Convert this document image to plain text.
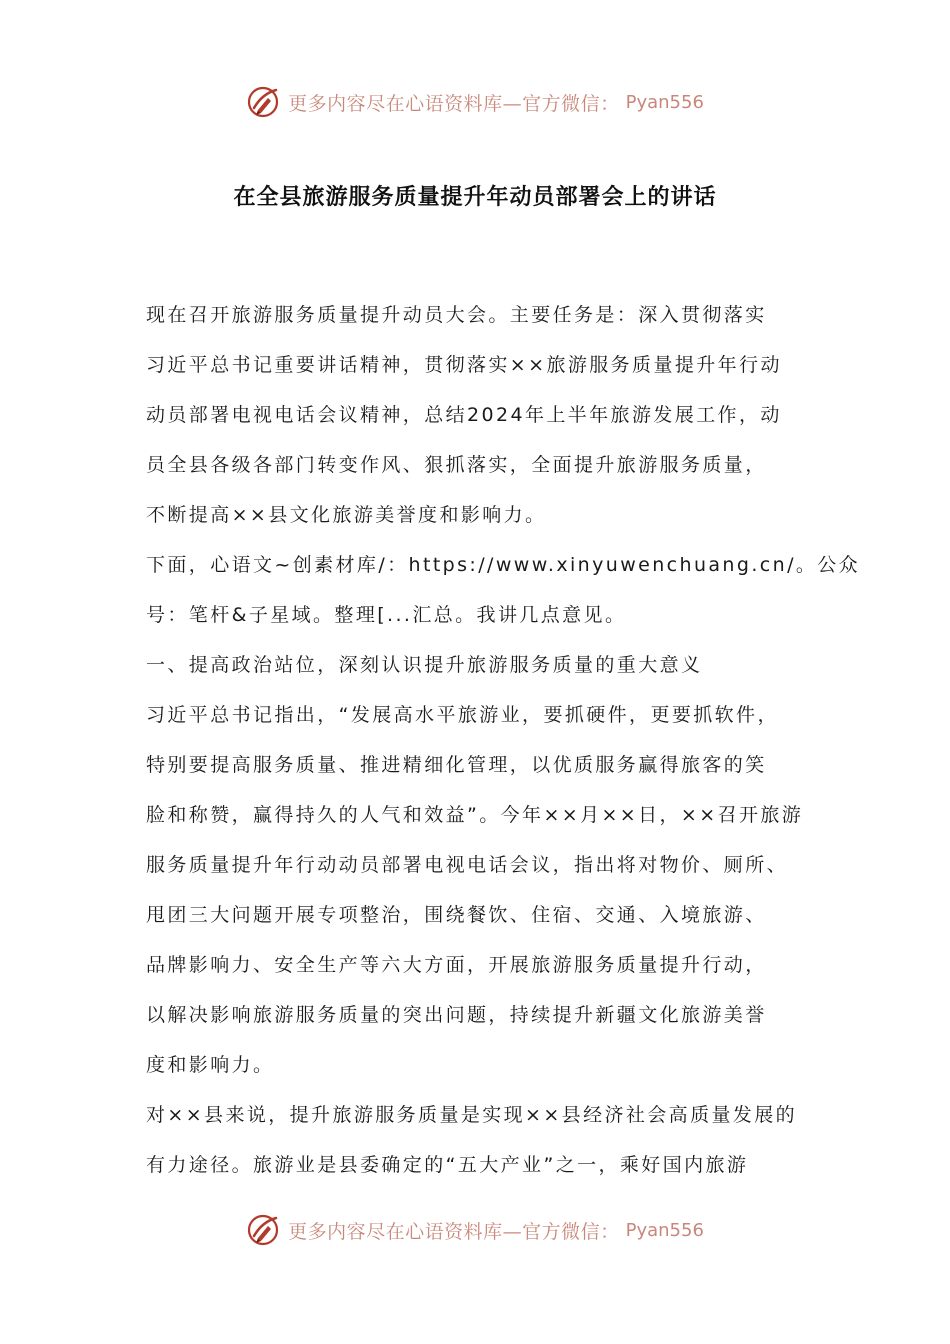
更多内容尽在心语资料库—官方微信： Pyan556
在全县旅游服务质量提升年动员部署会上的讲话
现在召开旅游服务质量提升动员大会。主要任务是：深入贯彻落实
习近平总书记重要讲话精神，贯彻落实××旅游服务质量提升年行动
动员部署电视电话会议精神，总结2024年上半年旅游发展工作，动
员全县各级各部门转变作风、狠抓落实，全面提升旅游服务质量，
不断提高××县文化旅游美誉度和影响力。
下面，心语文~创素材库/：https://www.xinyuwenchuang.cn/。公众
号：笔杆&子星域。整理[...汇总。我讲几点意见。
一、提高政治站位，深刻认识提升旅游服务质量的重大意义
习近平总书记指出，“发展高水平旅游业，要抓硬件，更要抓软件，
特别要提高服务质量、推进精细化管理，以优质服务赢得旅客的笑
脸和称赞，赢得持久的人气和效益”。今年××月××日，××召开旅游
服务质量提升年行动动员部署电视电话会议，指出将对物价、厕所、
甩团三大问题开展专项整治，围绕餐饮、住宿、交通、入境旅游、
品牌影响力、安全生产等六大方面，开展旅游服务质量提升行动，
以解决影响旅游服务质量的突出问题，持续提升新疆文化旅游美誉
度和影响力。
对××县来说，提升旅游服务质量是实现××县经济社会高质量发展的
有力途径。旅游业是县委确定的“五大产业”之一，乘好国内旅游
更多内容尽在心语资料库—官方微信： Pyan556
